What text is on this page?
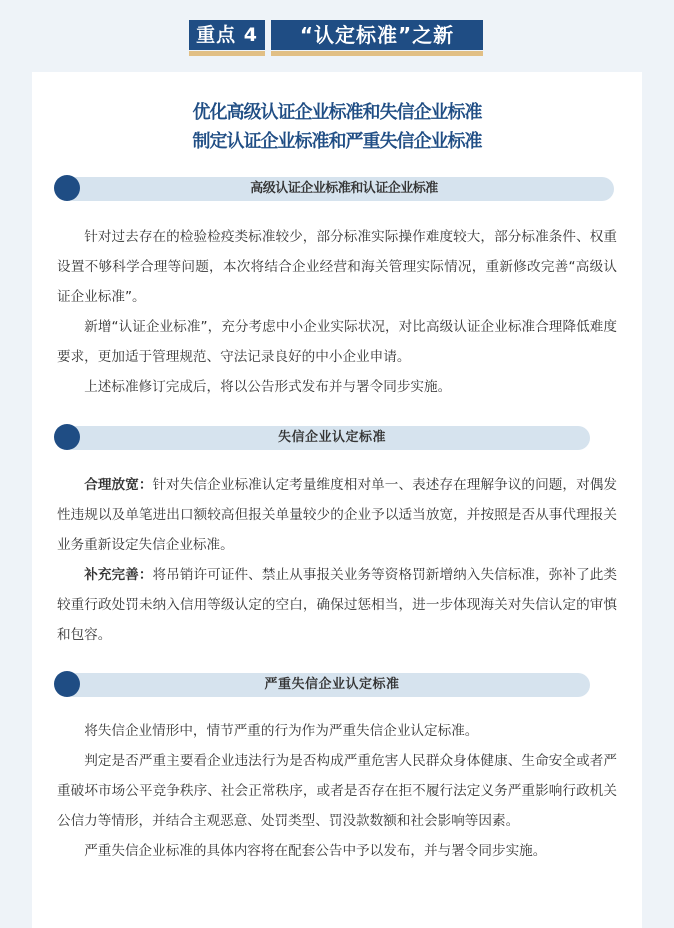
重点 4	“认定标准”之新
优化高级认证企业标准和失信企业标准
制定认证企业标准和严重失信企业标准
高级认证企业标准和认证企业标准

针对过去存在的检验检疫类标准较少，部分标准实际操作难度较大，部分标准条件、权重设置不够科学合理等问题，本次将结合企业经营和海关管理实际情况，重新修改完善“高级认证企业标准”。

新增“认证企业标准”，充分考虑中小企业实际状况，对比高级认证企业标准合理降低难度要求，更加适于管理规范、守法记录良好的中小企业申请。

上述标准修订完成后，将以公告形式发布并与署令同步实施。

失信企业认定标准

合理放宽：针对失信企业标准认定考量维度相对单一、表述存在理解争议的问题，对偶发性违规以及单笔进出口额较高但报关单量较少的企业予以适当放宽，并按照是否从事代理报关业务重新设定失信企业标准。

补充完善：将吊销许可证件、禁止从事报关业务等资格罚新增纳入失信标准，弥补了此类较重行政处罚未纳入信用等级认定的空白，确保过惩相当，进一步体现海关对失信认定的审慎和包容。

严重失信企业认定标准

将失信企业情形中，情节严重的行为作为严重失信企业认定标准。

判定是否严重主要看企业违法行为是否构成严重危害人民群众身体健康、生命安全或者严重破坏市场公平竞争秩序、社会正常秩序，或者是否存在拒不履行法定义务严重影响行政机关公信力等情形，并结合主观恶意、处罚类型、罚没款数额和社会影响等因素。

严重失信企业标准的具体内容将在配套公告中予以发布，并与署令同步实施。
